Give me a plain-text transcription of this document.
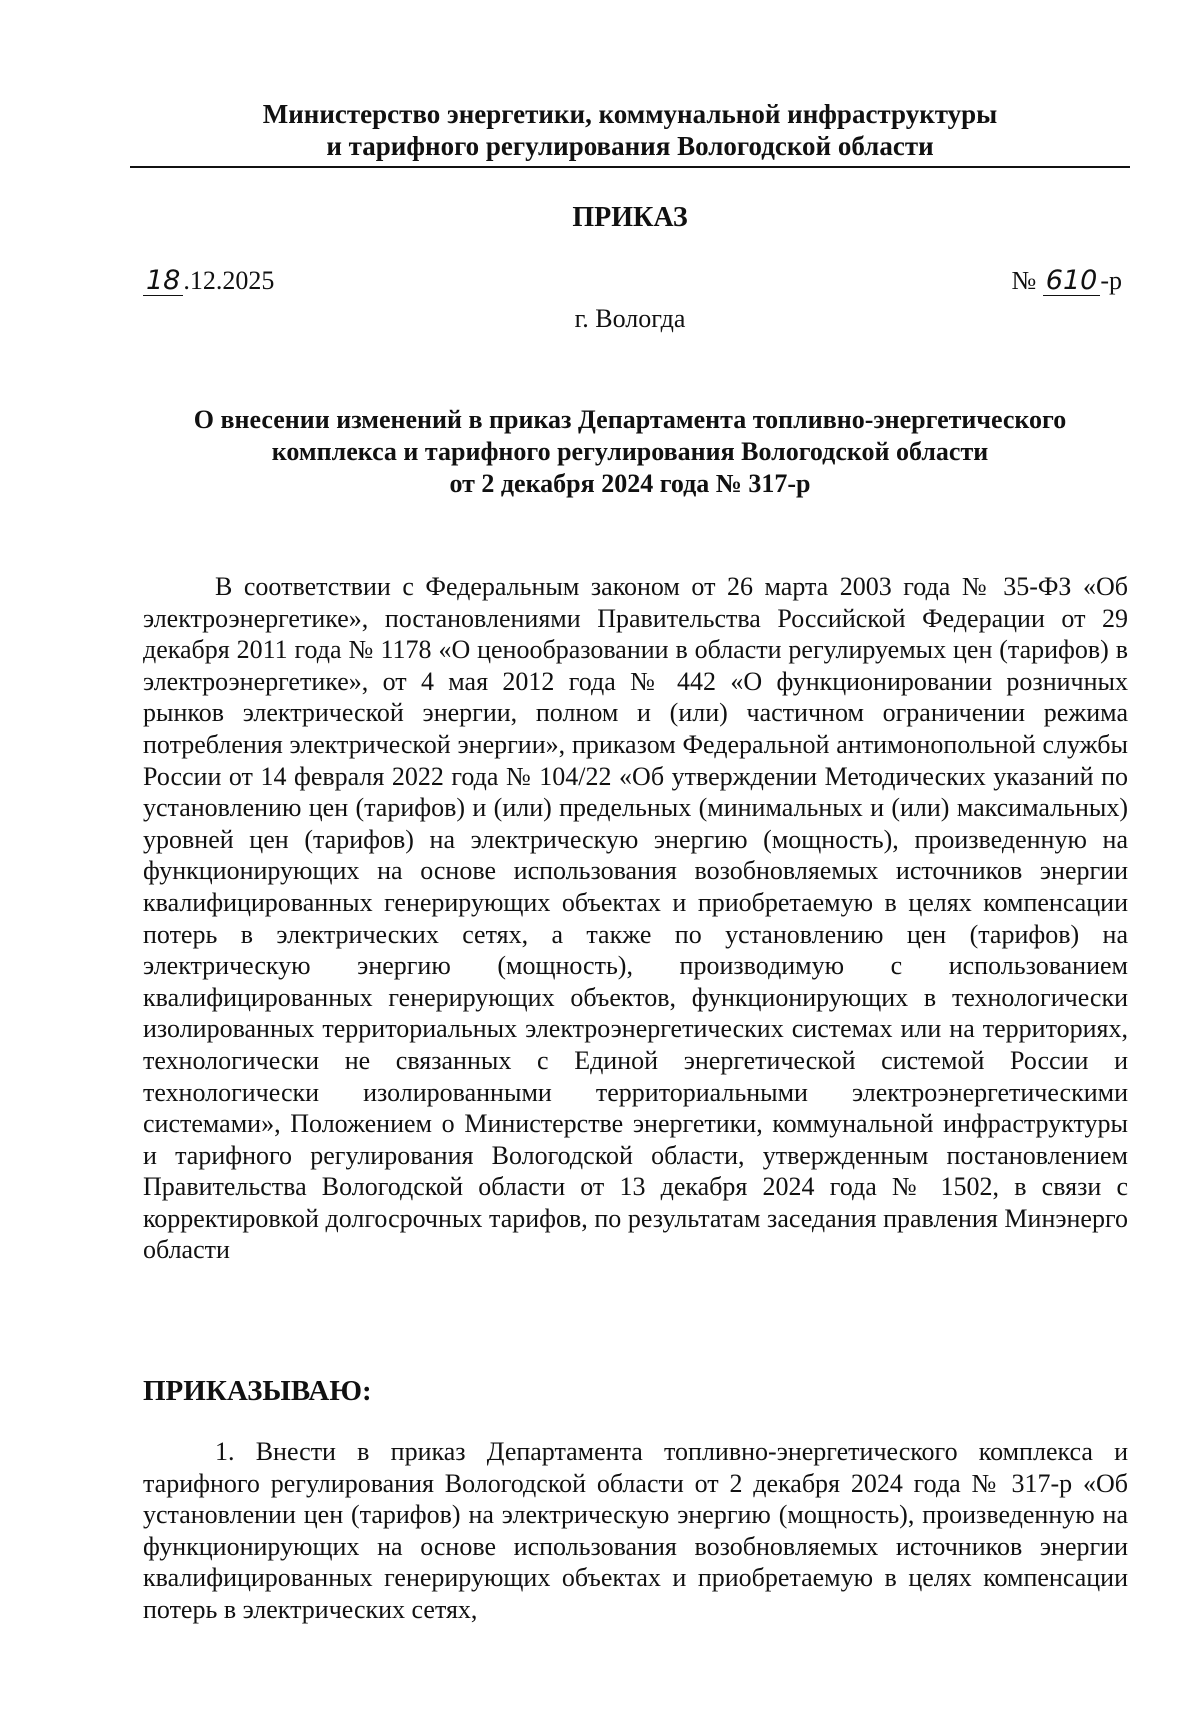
Министерство энергетики, коммунальной инфраструктуры
и тарифного регулирования Вологодской области
ПРИКАЗ
18 .12.2025	№ 610 -р
г. Вологда
О внесении изменений в приказ Департамента топливно-энергетического
комплекса и тарифного регулирования Вологодской области
от 2 декабря 2024 года № 317-р
В соответствии с Федеральным законом от 26 марта 2003 года № 35-ФЗ «Об электроэнергетике», постановлениями Правительства Российской Федерации от 29 декабря 2011 года № 1178 «О ценообразовании в области регулируемых цен (тарифов) в электроэнергетике», от 4 мая 2012 года № 442 «О функционировании розничных рынков электрической энергии, полном и (или) частичном ограничении режима потребления электрической энергии», приказом Федеральной антимонопольной службы России от 14 февраля 2022 года № 104/22 «Об утверждении Методических указаний по установлению цен (тарифов) и (или) предельных (минимальных и (или) максимальных) уровней цен (тарифов) на электрическую энергию (мощность), произведенную на функционирующих на основе использования возобновляемых источников энергии квалифицированных генерирующих объектах и приобретаемую в целях компенсации потерь в электрических сетях, а также по установлению цен (тарифов) на электрическую энергию (мощность), производимую с использованием квалифицированных генерирующих объектов, функционирующих в технологически изолированных территориальных электроэнергетических системах или на территориях, технологически не связанных с Единой энергетической системой России и технологически изолированными территориальными электроэнергетическими системами», Положением о Министерстве энергетики, коммунальной инфраструктуры и тарифного регулирования Вологодской области, утвержденным постановлением Правительства Вологодской области от 13 декабря 2024 года № 1502, в связи с корректировкой долгосрочных тарифов, по результатам заседания правления Минэнерго области
ПРИКАЗЫВАЮ:
1. Внести в приказ Департамента топливно-энергетического комплекса и тарифного регулирования Вологодской области от 2 декабря 2024 года № 317-р «Об установлении цен (тарифов) на электрическую энергию (мощность), произведенную на функционирующих на основе использования возобновляемых источников энергии квалифицированных генерирующих объектах и приобретаемую в целях компенсации потерь в электрических сетях,
